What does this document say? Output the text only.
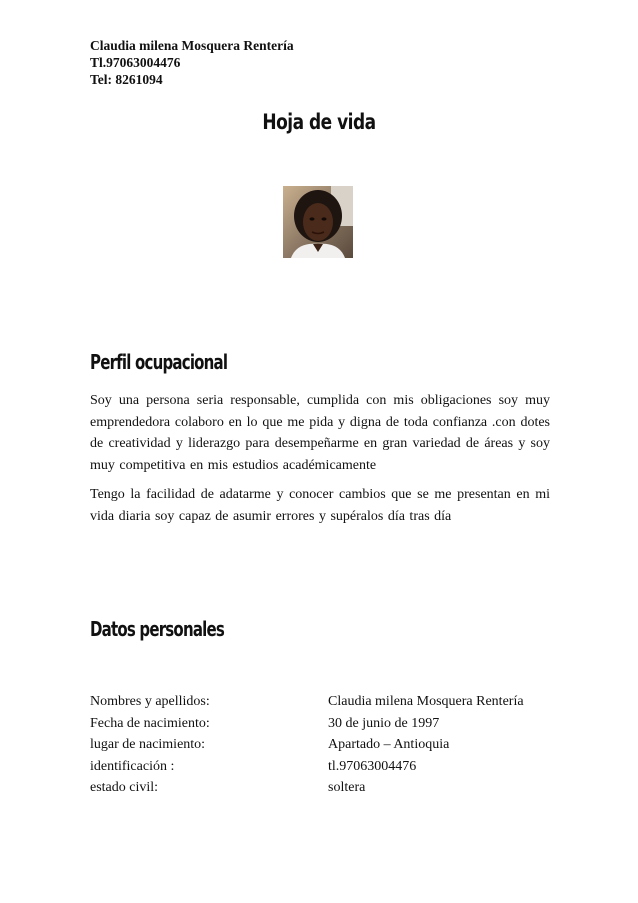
Claudia milena Mosquera Rentería
Tl.97063004476
Tel: 8261094
Hoja de vida
Perfil ocupacional
Soy una persona seria responsable, cumplida con mis obligaciones soy muy emprendedora colaboro en lo que me pida y digna de toda confianza .con dotes de creatividad y liderazgo para desempeñarme en gran variedad de áreas y soy muy competitiva en mis estudios académicamente
Tengo la facilidad de adatarme y conocer cambios que se me presentan en mi vida diaria soy capaz de asumir errores y supéralos día tras día
Datos personales
Nombres y apellidos:	Claudia milena Mosquera Rentería
Fecha de nacimiento:	30 de junio de 1997
lugar de nacimiento:	Apartado – Antioquia
identificación :	tl.97063004476
estado civil:	soltera
